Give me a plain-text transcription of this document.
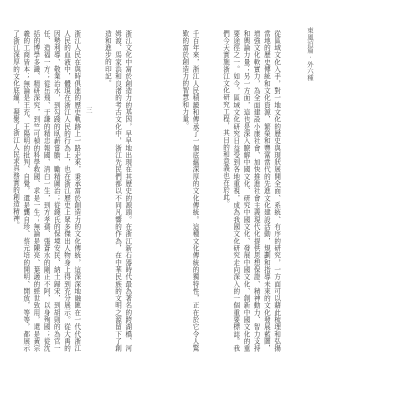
東風泊篇 · 外六種

從區域文化入手，對一地文化的歷史與現狀展開全面、系統、有序的研究，一方面可以藉此梳理和弘揚當地的歷史傳統和文化資源，繁榮和豐富當代的先進文化建設活動，規劃和指導未來的文化發展藍圖，增強文化軟實力，為全面建設小康社會、加快推進社會主義現代化提供思想保證、精神動力、智力支持和輿論力量；另一方面，這也是深入瞭解中國文化、研究中國文化、發展中國文化、創新中國文化的重要途徑之一。如今，區域文化研究日益受到各地重視，成為我國文化研究走向深入的一個重要標誌。我們今天實施浙江文化研究工程，其目的和意義也在於此。

千百年來，浙江人民積澱和傳承了一個底蘊深厚的文化傳統。這種文化傳統的獨特性，正在於它令人驚歎的富於創造力的智慧和力量。

浙江文化中富於創造力的基因，早早地出現在其歷史的源頭。在浙江新石器時代最為著名的跨湖橋、河姆渡、馬家浜和良渚的考古文化中，浙江先民們都以不同凡響的作為，在中華民族的文明之源留下了創造和進步的印記。

浙江人民在與時俱進的歷史軌跡上一路走來，秉承富於創造力的文化傳統，這深深地融匯在一代代浙江人民的血液中，體現在浙江人民的行為上，也在浙江歷史上眾多傑出人物身上得到充分展示。從大禹的因勢利導、敬業治水，到勾踐的臥薪嘗膽、勵精圖治；從錢氏的保境安民、納土歸宋，到胡則的為官一任、造福一方；從岳飛、于謙的精忠報國、清白一生，到方孝孺、張蒼水的剛正不阿，以身殉國；從沈括的博學多識、精研深究，到竺可楨的科學救國、求是一生；無論是陳亮、葉適的經世致用，還是黃宗羲的工商皆本；無論是王充、王陽明的批判、自覺，還是龔自珍、蔡元培的開明、開放，等等，都展示了浙江深厚的文化底蘊，凝聚了浙江人民求真務實的創造精神。

	三
